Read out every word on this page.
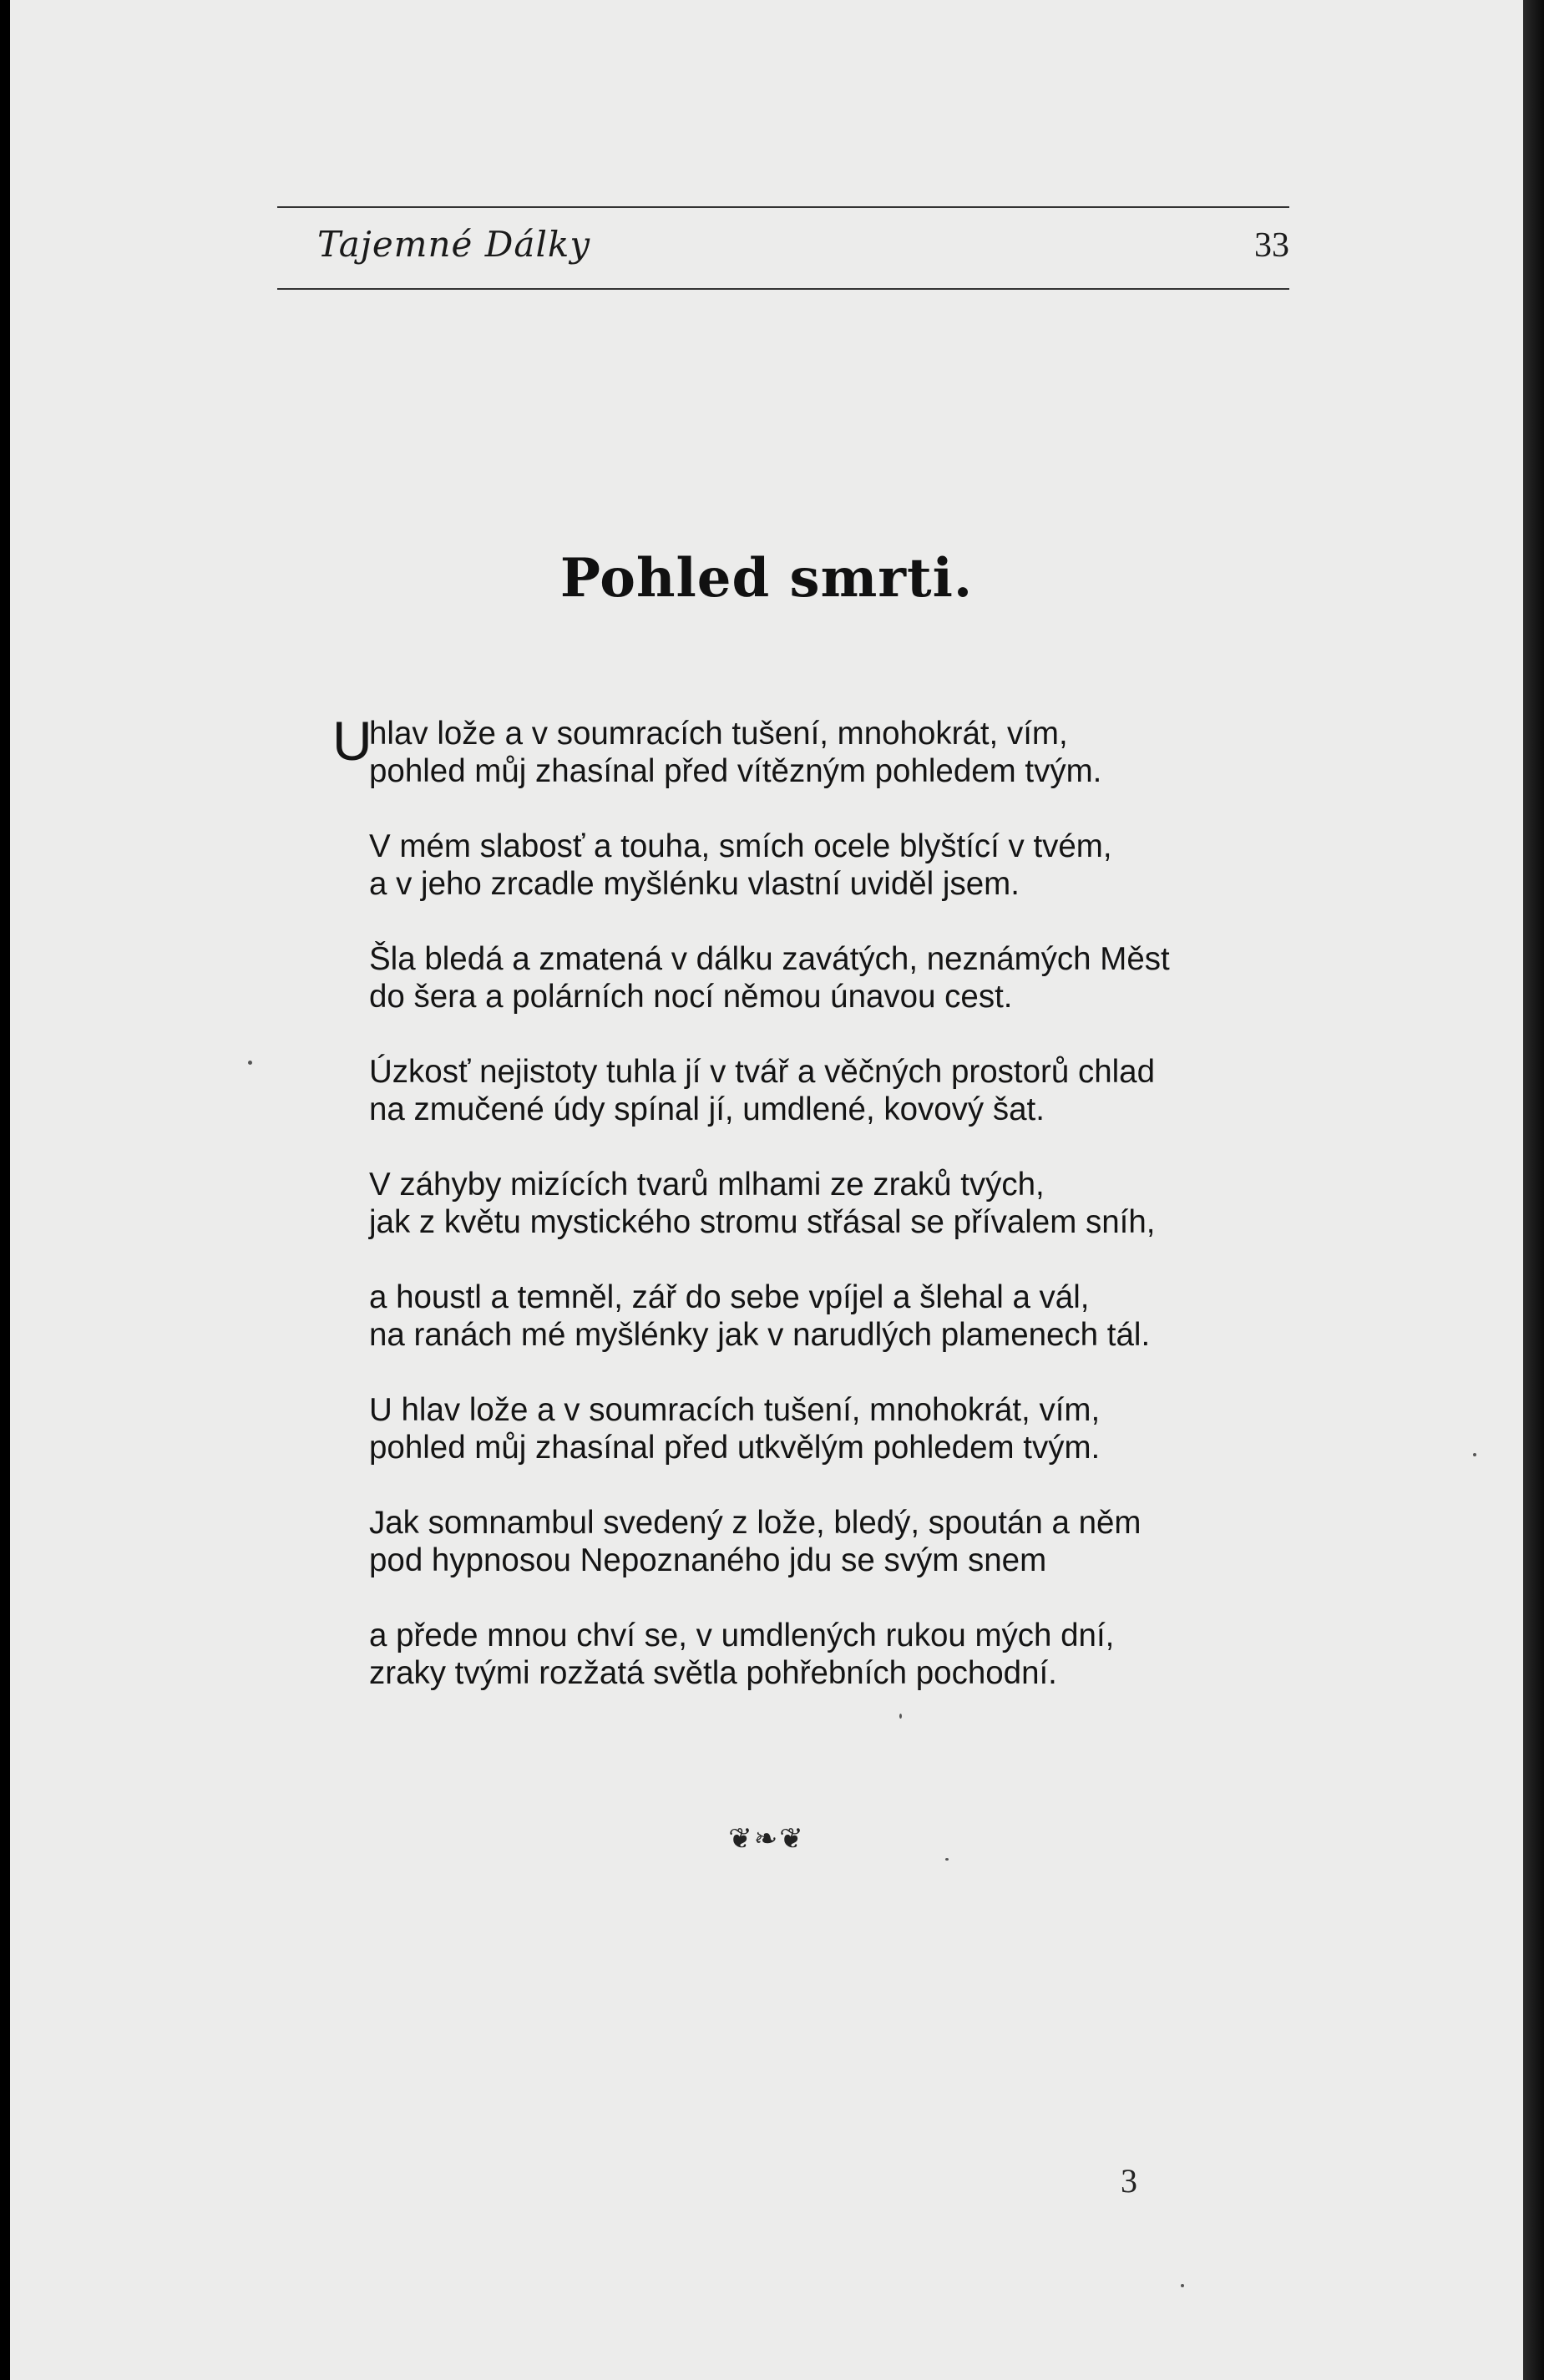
Tajemné Dálky	33
Pohled smrti.
U
hlav lože a v soumracích tušení, mnohokrát, vím,
pohled můj zhasínal před vítězným pohledem tvým.
V mém slabosť a touha, smích ocele blyštící v tvém,
a v jeho zrcadle myšlénku vlastní uviděl jsem.
Šla bledá a zmatená v dálku zavátých, neznámých Měst
do šera a polárních nocí němou únavou cest.
Úzkosť nejistoty tuhla jí v tvář a věčných prostorů chlad
na zmučené údy spínal jí, umdlené, kovový šat.
V záhyby mizících tvarů mlhami ze zraků tvých,
jak z květu mystického stromu střásal se přívalem sníh,
a houstl a temněl, zář do sebe vpíjel a šlehal a vál,
na ranách mé myšlénky jak v narudlých plamenech tál.
U hlav lože a v soumracích tušení, mnohokrát, vím,
pohled můj zhasínal před utkvělým pohledem tvým.
Jak somnambul svedený z lože, bledý, spoután a něm
pod hypnosou Nepoznaného jdu se svým snem
a přede mnou chví se, v umdlených rukou mých dní,
zraky tvými rozžatá světla pohřebních pochodní.
❦❧❦
3
